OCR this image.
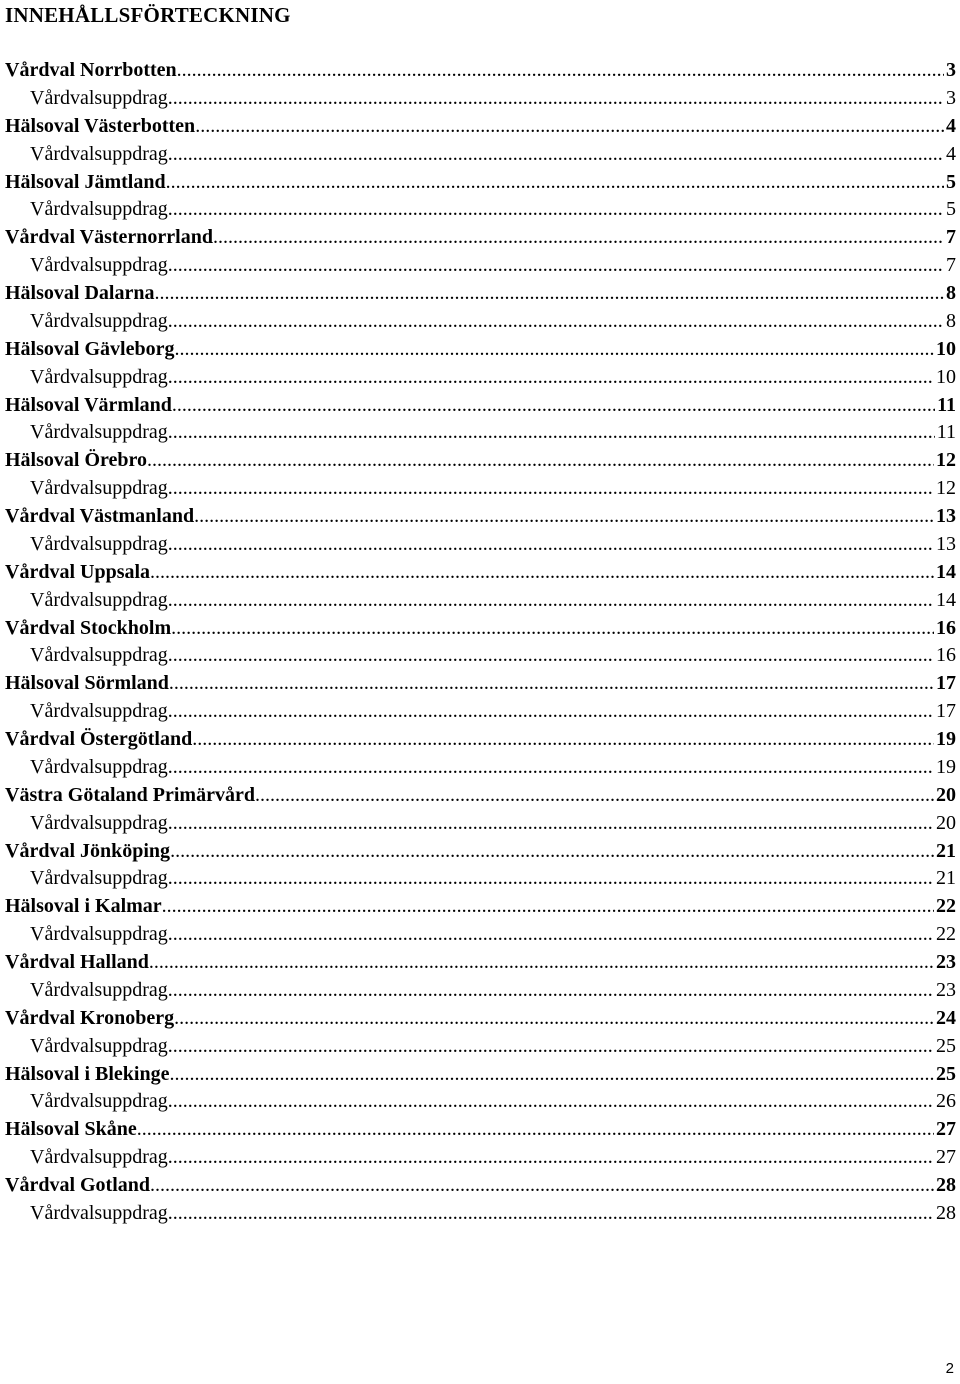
INNEHÅLLSFÖRTECKNING
Vårdval Norrbotten .....	3
Vårdvalsuppdrag .....	3
Hälsoval Västerbotten .....	4
Vårdvalsuppdrag .....	4
Hälsoval Jämtland .....	5
Vårdvalsuppdrag .....	5
Vårdval Västernorrland .....	7
Vårdvalsuppdrag .....	7
Hälsoval Dalarna .....	8
Vårdvalsuppdrag .....	8
Hälsoval Gävleborg .....	10
Vårdvalsuppdrag .....	10
Hälsoval Värmland .....	11
Vårdvalsuppdrag .....	11
Hälsoval Örebro .....	12
Vårdvalsuppdrag .....	12
Vårdval Västmanland .....	13
Vårdvalsuppdrag .....	13
Vårdval Uppsala .....	14
Vårdvalsuppdrag .....	14
Vårdval Stockholm .....	16
Vårdvalsuppdrag .....	16
Hälsoval Sörmland .....	17
Vårdvalsuppdrag .....	17
Vårdval Östergötland .....	19
Vårdvalsuppdrag .....	19
Västra Götaland Primärvård .....	20
Vårdvalsuppdrag .....	20
Vårdval Jönköping .....	21
Vårdvalsuppdrag .....	21
Hälsoval i Kalmar .....	22
Vårdvalsuppdrag .....	22
Vårdval Halland .....	23
Vårdvalsuppdrag .....	23
Vårdval Kronoberg .....	24
Vårdvalsuppdrag .....	25
Hälsoval i Blekinge .....	25
Vårdvalsuppdrag .....	26
Hälsoval Skåne .....	27
Vårdvalsuppdrag .....	27
Vårdval Gotland .....	28
Vårdvalsuppdrag .....	28
2
